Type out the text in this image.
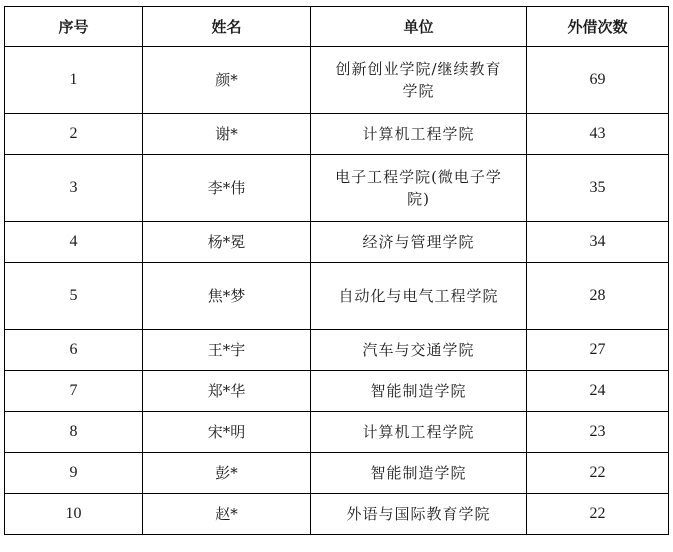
序号	姓名	单位	外借次数
1	颜*	创新创业学院/继续教育学院	69
2	谢*	计算机工程学院	43
3	李*伟	电子工程学院(微电子学院)	35
4	杨*冕	经济与管理学院	34
5	焦*梦	自动化与电气工程学院	28
6	王*宇	汽车与交通学院	27
7	郑*华	智能制造学院	24
8	宋*明	计算机工程学院	23
9	彭*	智能制造学院	22
10	赵*	外语与国际教育学院	22
